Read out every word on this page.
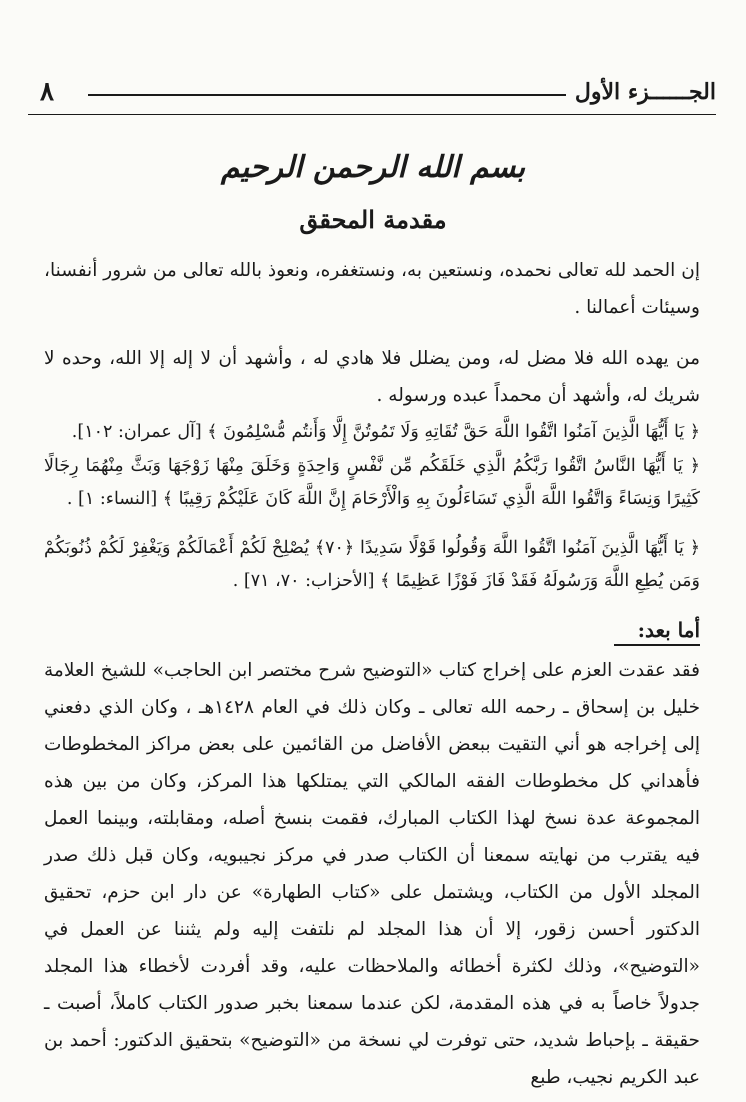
٨	الجــــــزء الأول
بسم الله الرحمن الرحيم
مقدمة المحقق

إن الحمد لله تعالى نحمده، ونستعين به، ونستغفره، ونعوذ بالله تعالى من شرور أنفسنا، وسيئات أعمالنا .

من يهده الله فلا مضل له، ومن يضلل فلا هادي له ، وأشهد أن لا إله إلا الله، وحده لا شريك له، وأشهد أن محمداً عبده ورسوله .

﴿ يَا أَيُّهَا الَّذِينَ آمَنُوا اتَّقُوا اللَّهَ حَقَّ تُقَاتِهِ وَلَا تَمُوتُنَّ إِلَّا وَأَنتُم مُّسْلِمُونَ ﴾ [آل عمران: ١٠٢].

﴿ يَا أَيُّهَا النَّاسُ اتَّقُوا رَبَّكُمُ الَّذِي خَلَقَكُم مِّن نَّفْسٍ وَاحِدَةٍ وَخَلَقَ مِنْهَا زَوْجَهَا وَبَثَّ مِنْهُمَا رِجَالًا كَثِيرًا وَنِسَاءً وَاتَّقُوا اللَّهَ الَّذِي تَسَاءَلُونَ بِهِ وَالْأَرْحَامَ إِنَّ اللَّهَ كَانَ عَلَيْكُمْ رَقِيبًا ﴾ [النساء: ١] .

﴿ يَا أَيُّهَا الَّذِينَ آمَنُوا اتَّقُوا اللَّهَ وَقُولُوا قَوْلًا سَدِيدًا ﴿٧٠﴾ يُصْلِحْ لَكُمْ أَعْمَالَكُمْ وَيَغْفِرْ لَكُمْ ذُنُوبَكُمْ وَمَن يُطِعِ اللَّهَ وَرَسُولَهُ فَقَدْ فَازَ فَوْزًا عَظِيمًا ﴾ [الأحزاب: ٧٠، ٧١] .

أما بعد:

فقد عقدت العزم على إخراج كتاب «التوضيح شرح مختصر ابن الحاجب» للشيخ العلامة خليل بن إسحاق ـ رحمه الله تعالى ـ وكان ذلك في العام ١٤٢٨هـ ، وكان الذي دفعني إلى إخراجه هو أني التقيت ببعض الأفاضل من القائمين على بعض مراكز المخطوطات فأهداني كل مخطوطات الفقه المالكي التي يمتلكها هذا المركز، وكان من بين هذه المجموعة عدة نسخ لهذا الكتاب المبارك، فقمت بنسخ أصله، ومقابلته، وبينما العمل فيه يقترب من نهايته سمعنا أن الكتاب صدر في مركز نجيبويه، وكان قبل ذلك صدر المجلد الأول من الكتاب، ويشتمل على «كتاب الطهارة» عن دار ابن حزم، تحقيق الدكتور أحسن زقور، إلا أن هذا المجلد لم نلتفت إليه ولم يثننا عن العمل في «التوضيح»، وذلك لكثرة أخطائه والملاحظات عليه، وقد أفردت لأخطاء هذا المجلد جدولاً خاصاً به في هذه المقدمة، لكن عندما سمعنا بخبر صدور الكتاب كاملاً، أصبت ـ حقيقة ـ بإحباط شديد، حتى توفرت لي نسخة من «التوضيح» بتحقيق الدكتور: أحمد بن عبد الكريم نجيب، طبع
